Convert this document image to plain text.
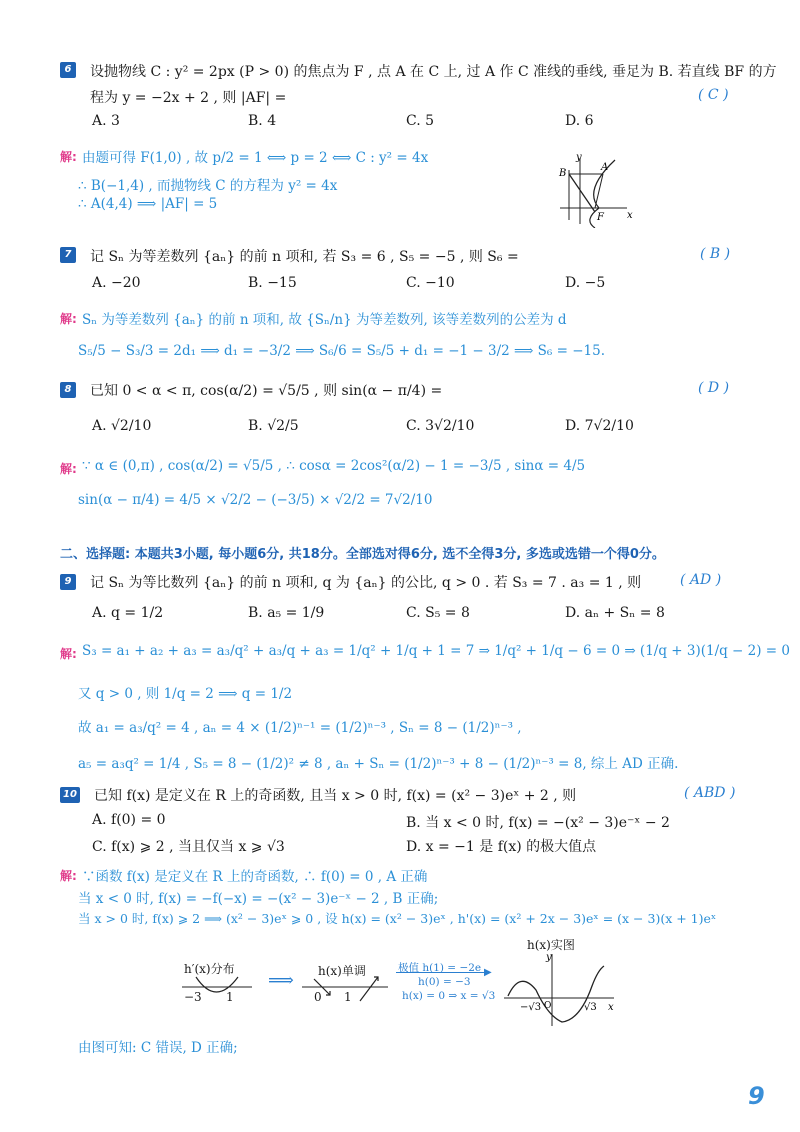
6	设抛物线 C : y² = 2px (P > 0) 的焦点为 F , 点 A 在 C 上, 过 A 作 C 准线的垂线, 垂足为 B. 若直线 BF 的方
程为 y = −2x + 2 , 则 |AF| =	( C )
A. 3	B. 4	C. 5	D. 6
解: 由题可得 F(1,0) , 故 p/2 = 1 ⟺ p = 2 ⟺ C : y² = 4x
∴ B(−1,4) , 而抛物线 C 的方程为 y² = 4x
∴ A(4,4) ⟹ |AF| = 5
y
x
A
B
F
7	记 Sₙ 为等差数列 {aₙ} 的前 n 项和, 若 S₃ = 6 , S₅ = −5 , 则 S₆ =	( B )
A. −20	B. −15	C. −10	D. −5
解: Sₙ 为等差数列 {aₙ} 的前 n 项和, 故 {Sₙ/n} 为等差数列, 该等差数列的公差为 d
S₅/5 − S₃/3 = 2d₁ ⟹ d₁ = −3/2 ⟹ S₆/6 = S₅/5 + d₁ = −1 − 3/2 ⟹ S₆ = −15.
8	已知 0 < α < π, cos(α/2) = √5/5 , 则 sin(α − π/4) =	( D )
A. √2/10	B. √2/5	C. 3√2/10	D. 7√2/10
解: ∵ α ∈ (0,π) , cos(α/2) = √5/5 , ∴ cosα = 2cos²(α/2) − 1 = −3/5 , sinα = 4/5
sin(α − π/4) = 4/5 × √2/2 − (−3/5) × √2/2 = 7√2/10
二、选择题: 本题共3小题, 每小题6分, 共18分。全部选对得6分, 选不全得3分, 多选或选错一个得0分。
9	记 Sₙ 为等比数列 {aₙ} 的前 n 项和, q 为 {aₙ} 的公比, q > 0 . 若 S₃ = 7 . a₃ = 1 , 则	( AD )
A. q = 1/2	B. a₅ = 1/9	C. S₅ = 8	D. aₙ + Sₙ = 8
解: S₃ = a₁ + a₂ + a₃ = a₃/q² + a₃/q + a₃ = 1/q² + 1/q + 1 = 7 ⇒ 1/q² + 1/q − 6 = 0 ⇒ (1/q + 3)(1/q − 2) = 0
又 q > 0 , 则 1/q = 2 ⟹ q = 1/2
故 a₁ = a₃/q² = 4 , aₙ = 4 × (1/2)ⁿ⁻¹ = (1/2)ⁿ⁻³ , Sₙ = 8 − (1/2)ⁿ⁻³ ,
a₅ = a₃q² = 1/4 , S₅ = 8 − (1/2)² ≠ 8 , aₙ + Sₙ = (1/2)ⁿ⁻³ + 8 − (1/2)ⁿ⁻³ = 8, 综上 AD 正确.
10 已知 f(x) 是定义在 R 上的奇函数, 且当 x > 0 时, f(x) = (x² − 3)eˣ + 2 , 则	( ABD )
A. f(0) = 0	B. 当 x < 0 时, f(x) = −(x² − 3)e⁻ˣ − 2
C. f(x) ⩾ 2 , 当且仅当 x ⩾ √3	D. x = −1 是 f(x) 的极大值点
解: ∵函数 f(x) 是定义在 R 上的奇函数, ∴ f(0) = 0 , A 正确
当 x < 0 时, f(x) = −f(−x) = −(x² − 3)e⁻ˣ − 2 , B 正确;
当 x > 0 时, f(x) ⩾ 2 ⟹ (x² − 3)eˣ ⩾ 0 , 设 h(x) = (x² − 3)eˣ , h'(x) = (x² + 2x − 3)eˣ = (x − 3)(x + 1)eˣ
h′(x)分布
−3 1
⟹ h(x)单调
0 1
极值 h(1) = −2e ▶
h(0) = −3
h(x) = 0 ⇒ x = √3
h(x)实图
y
x
−√3	√3
O
由图可知: C 错误, D 正确;
9
